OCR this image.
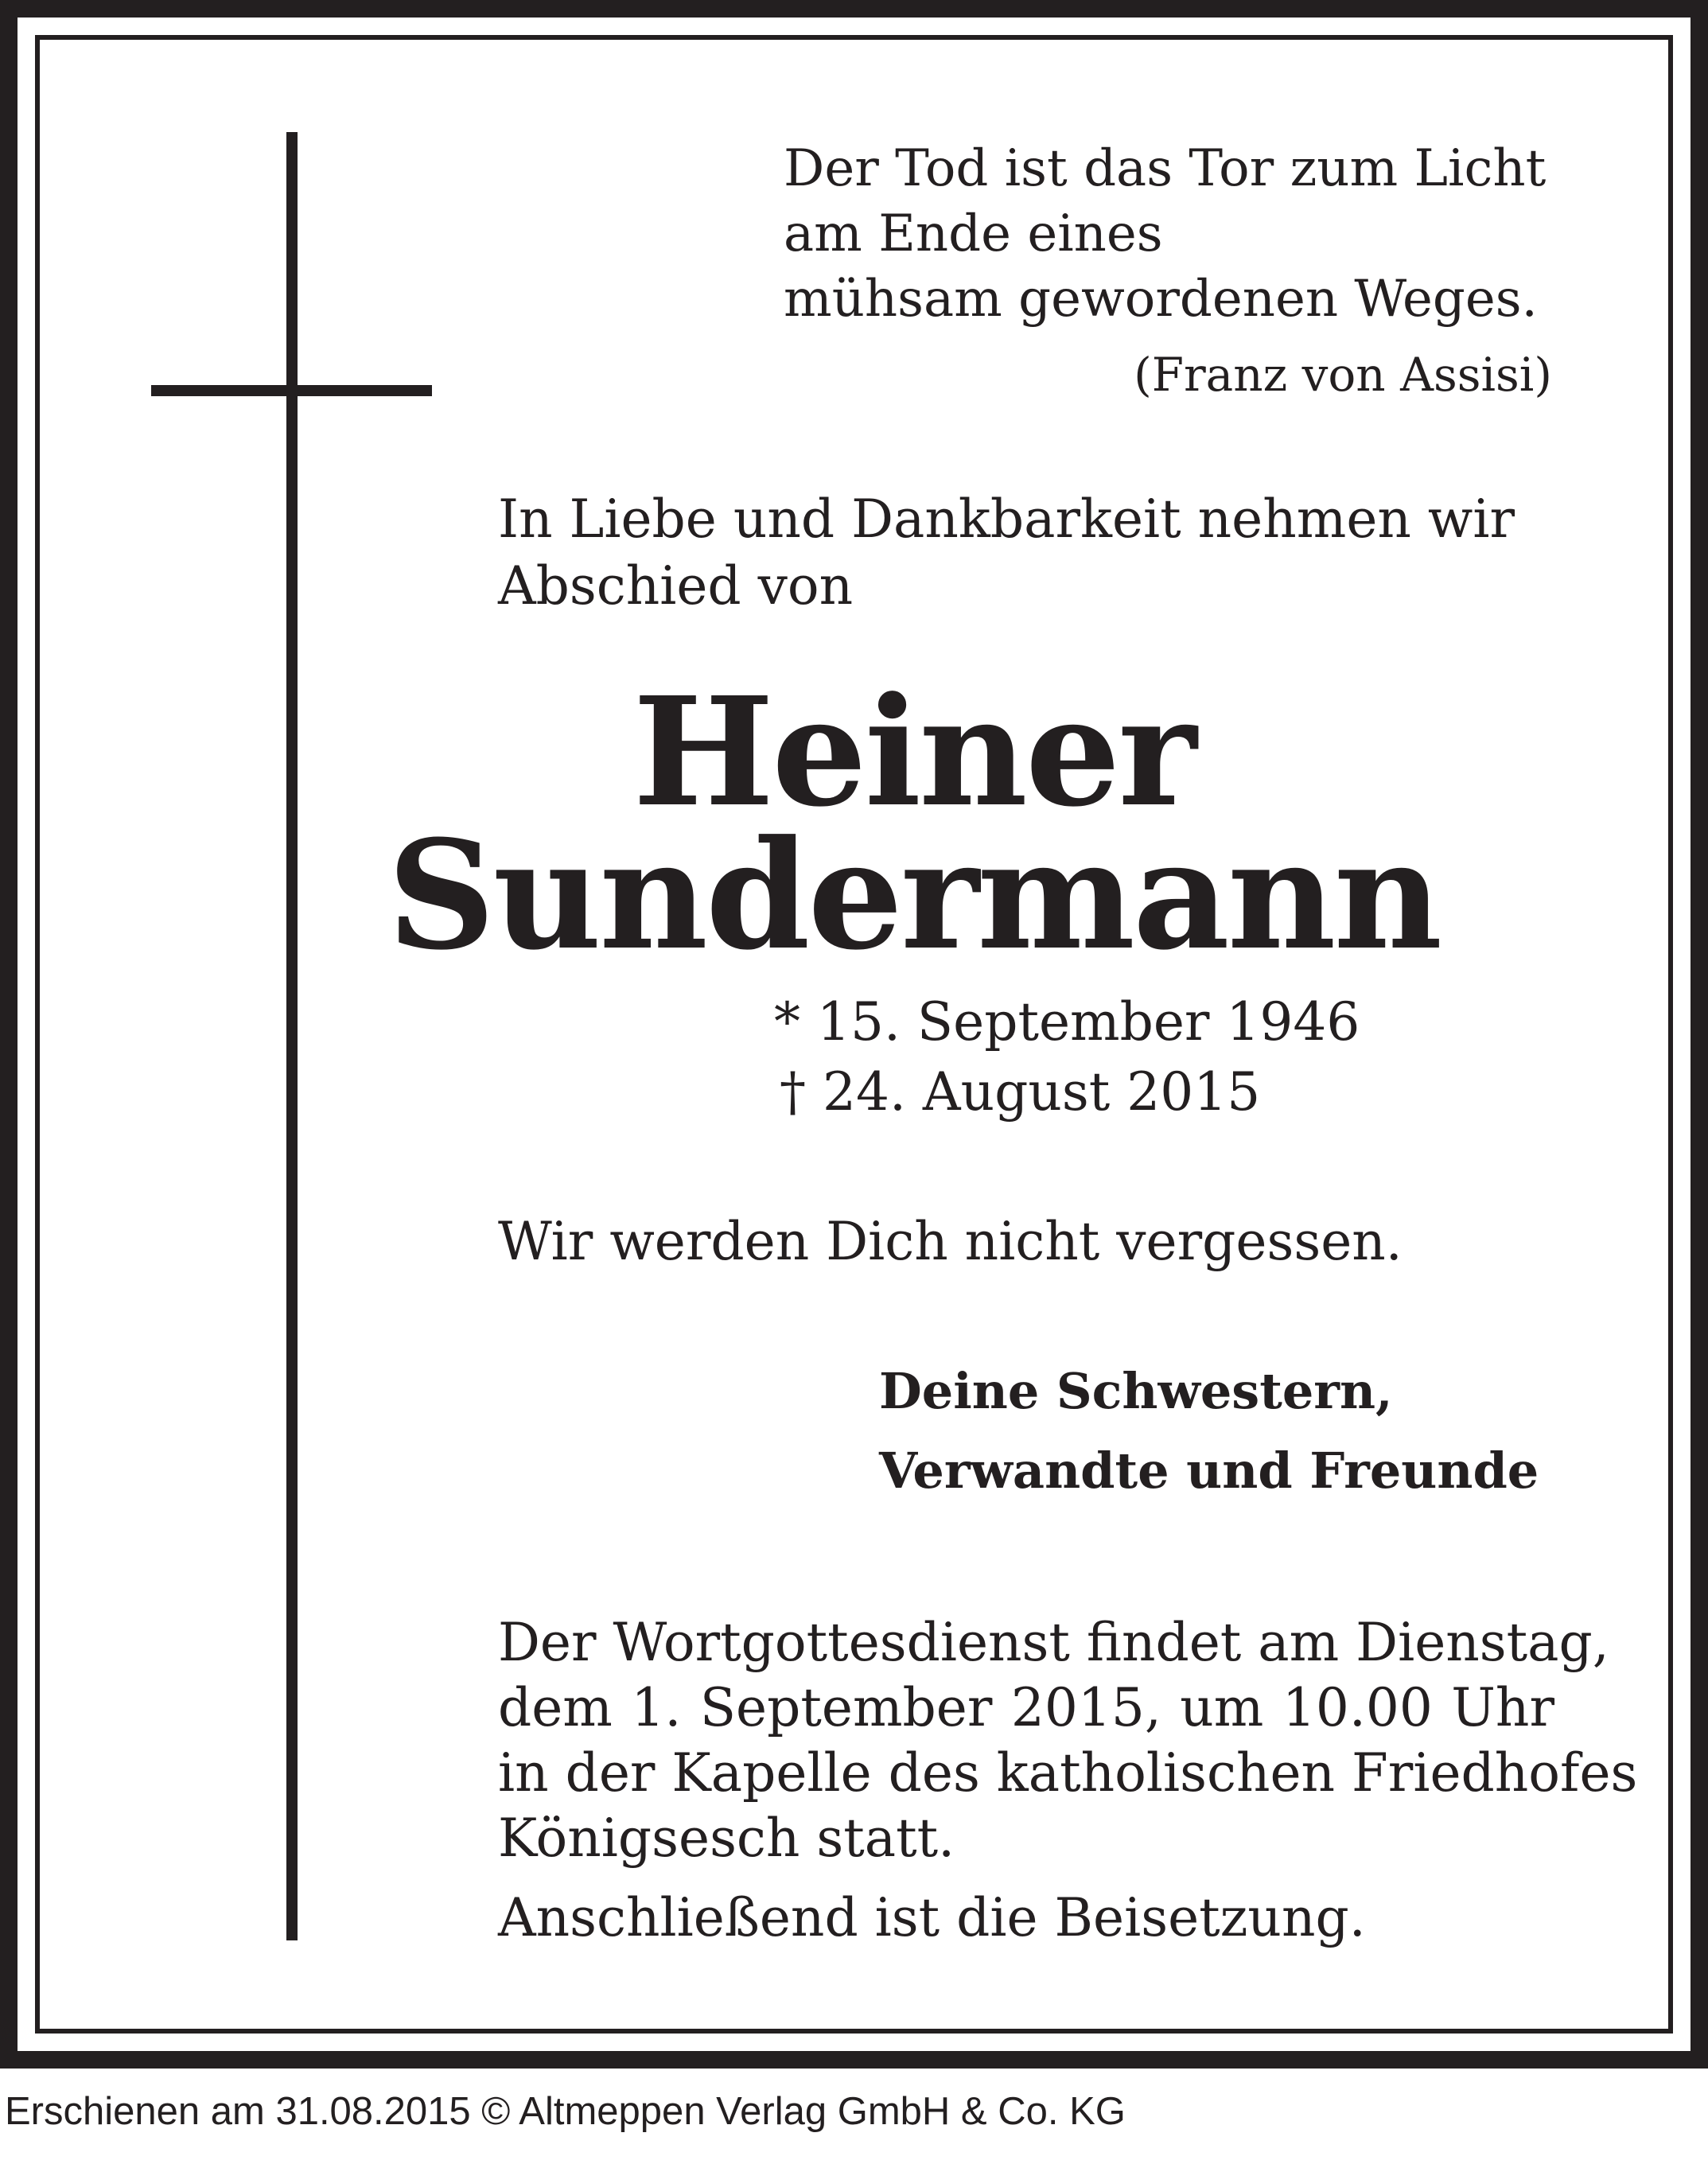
Der Tod ist das Tor zum Licht

am Ende eines

mühsam gewordenen Weges.

(Franz von Assisi)

In Liebe und Dankbarkeit nehmen wir

Abschied von

Heiner

Sundermann

* 15. September 1946

† 24. August 2015

Wir werden Dich nicht vergessen.

Deine Schwestern,

Verwandte und Freunde

Der Wortgottesdienst findet am Dienstag,

dem 1. September 2015, um 10.00 Uhr

in der Kapelle des katholischen Friedhofes

Königsesch statt.

Anschließend ist die Beisetzung.

Erschienen am 31.08.2015 © Altmeppen Verlag GmbH & Co. KG
